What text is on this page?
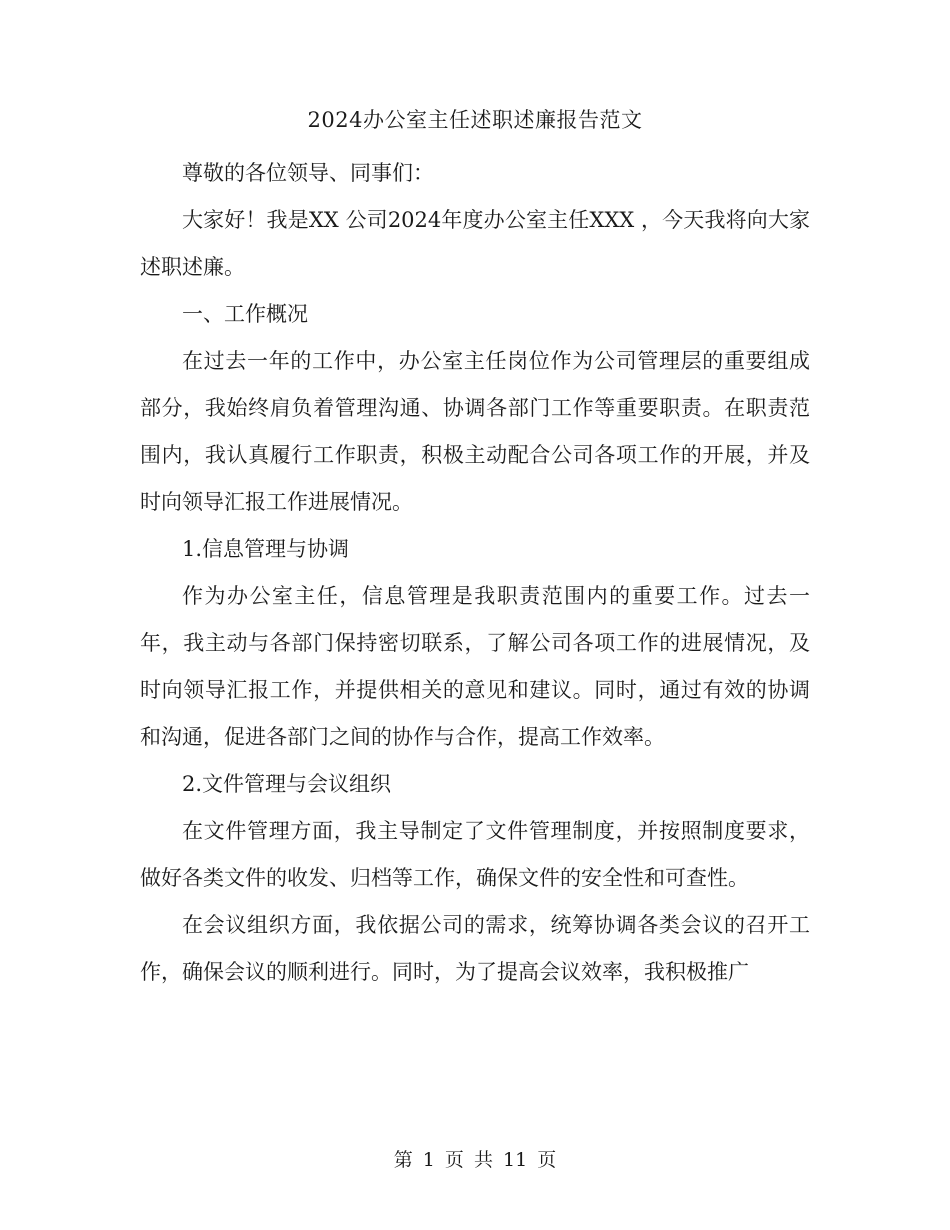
2024办公室主任述职述廉报告范文

尊敬的各位领导、同事们：

大家好！我是XX 公司2024年度办公室主任XXX ，今天我将向大家述职述廉。

一、工作概况

在过去一年的工作中，办公室主任岗位作为公司管理层的重要组成部分，我始终肩负着管理沟通、协调各部门工作等重要职责。在职责范围内，我认真履行工作职责，积极主动配合公司各项工作的开展，并及时向领导汇报工作进展情况。

1.信息管理与协调

作为办公室主任，信息管理是我职责范围内的重要工作。过去一年，我主动与各部门保持密切联系，了解公司各项工作的进展情况，及时向领导汇报工作，并提供相关的意见和建议。同时，通过有效的协调和沟通，促进各部门之间的协作与合作，提高工作效率。

2.文件管理与会议组织

在文件管理方面，我主导制定了文件管理制度，并按照制度要求，做好各类文件的收发、归档等工作，确保文件的安全性和可查性。

在会议组织方面，我依据公司的需求，统筹协调各类会议的召开工作，确保会议的顺利进行。同时，为了提高会议效率，我积极推广

第 1 页 共 11 页
